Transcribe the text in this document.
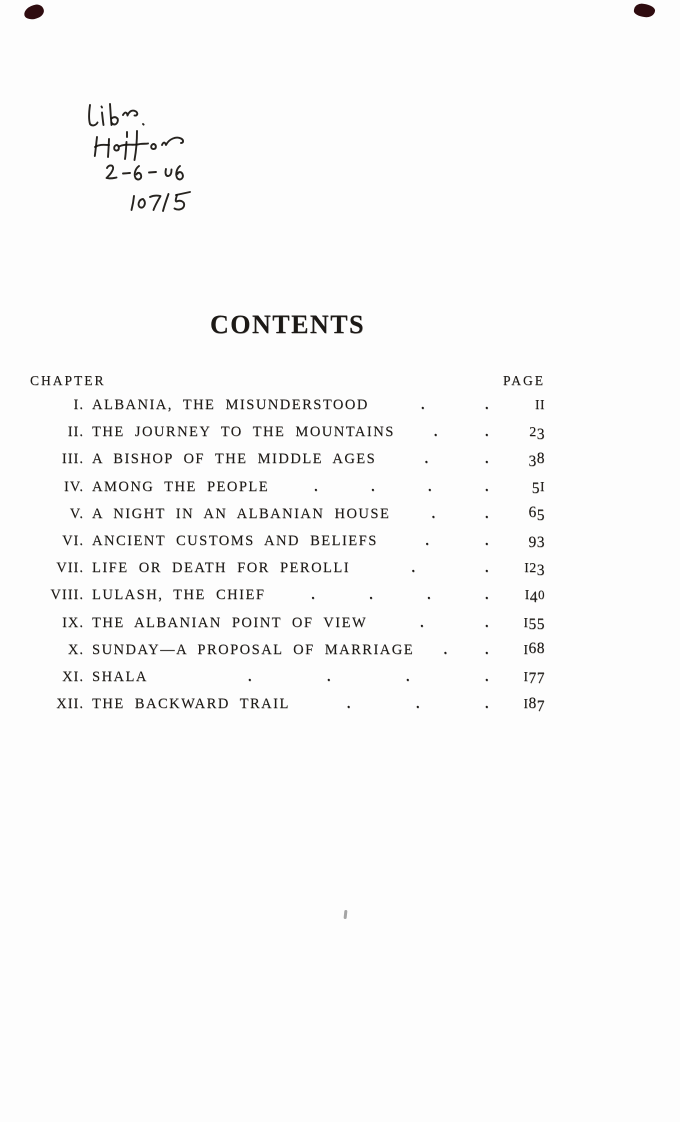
CONTENTS
CHAPTER	PAGE
I. ALBANIA, THE MISUNDERSTOOD	.	.	II
II. THE JOURNEY TO THE MOUNTAINS	.	.	23
III. A BISHOP OF THE MIDDLE AGES	.	.	38
IV. AMONG THE PEOPLE	.	.	.	.	5I
V. A NIGHT IN AN ALBANIAN HOUSE	.	.	65
VI. ANCIENT CUSTOMS AND BELIEFS	.	.	93
VII. LIFE OR DEATH FOR PEROLLI	.	.	I23
VIII. LULASH, THE CHIEF	.	.	.	.	I40
IX. THE ALBANIAN POINT OF VIEW	.	.	I55
X. SUNDAY—A PROPOSAL OF MARRIAGE	.	.	I68
XI. SHALA	.	.	.	.	I77
XII. THE BACKWARD TRAIL	.	.	.	I87
